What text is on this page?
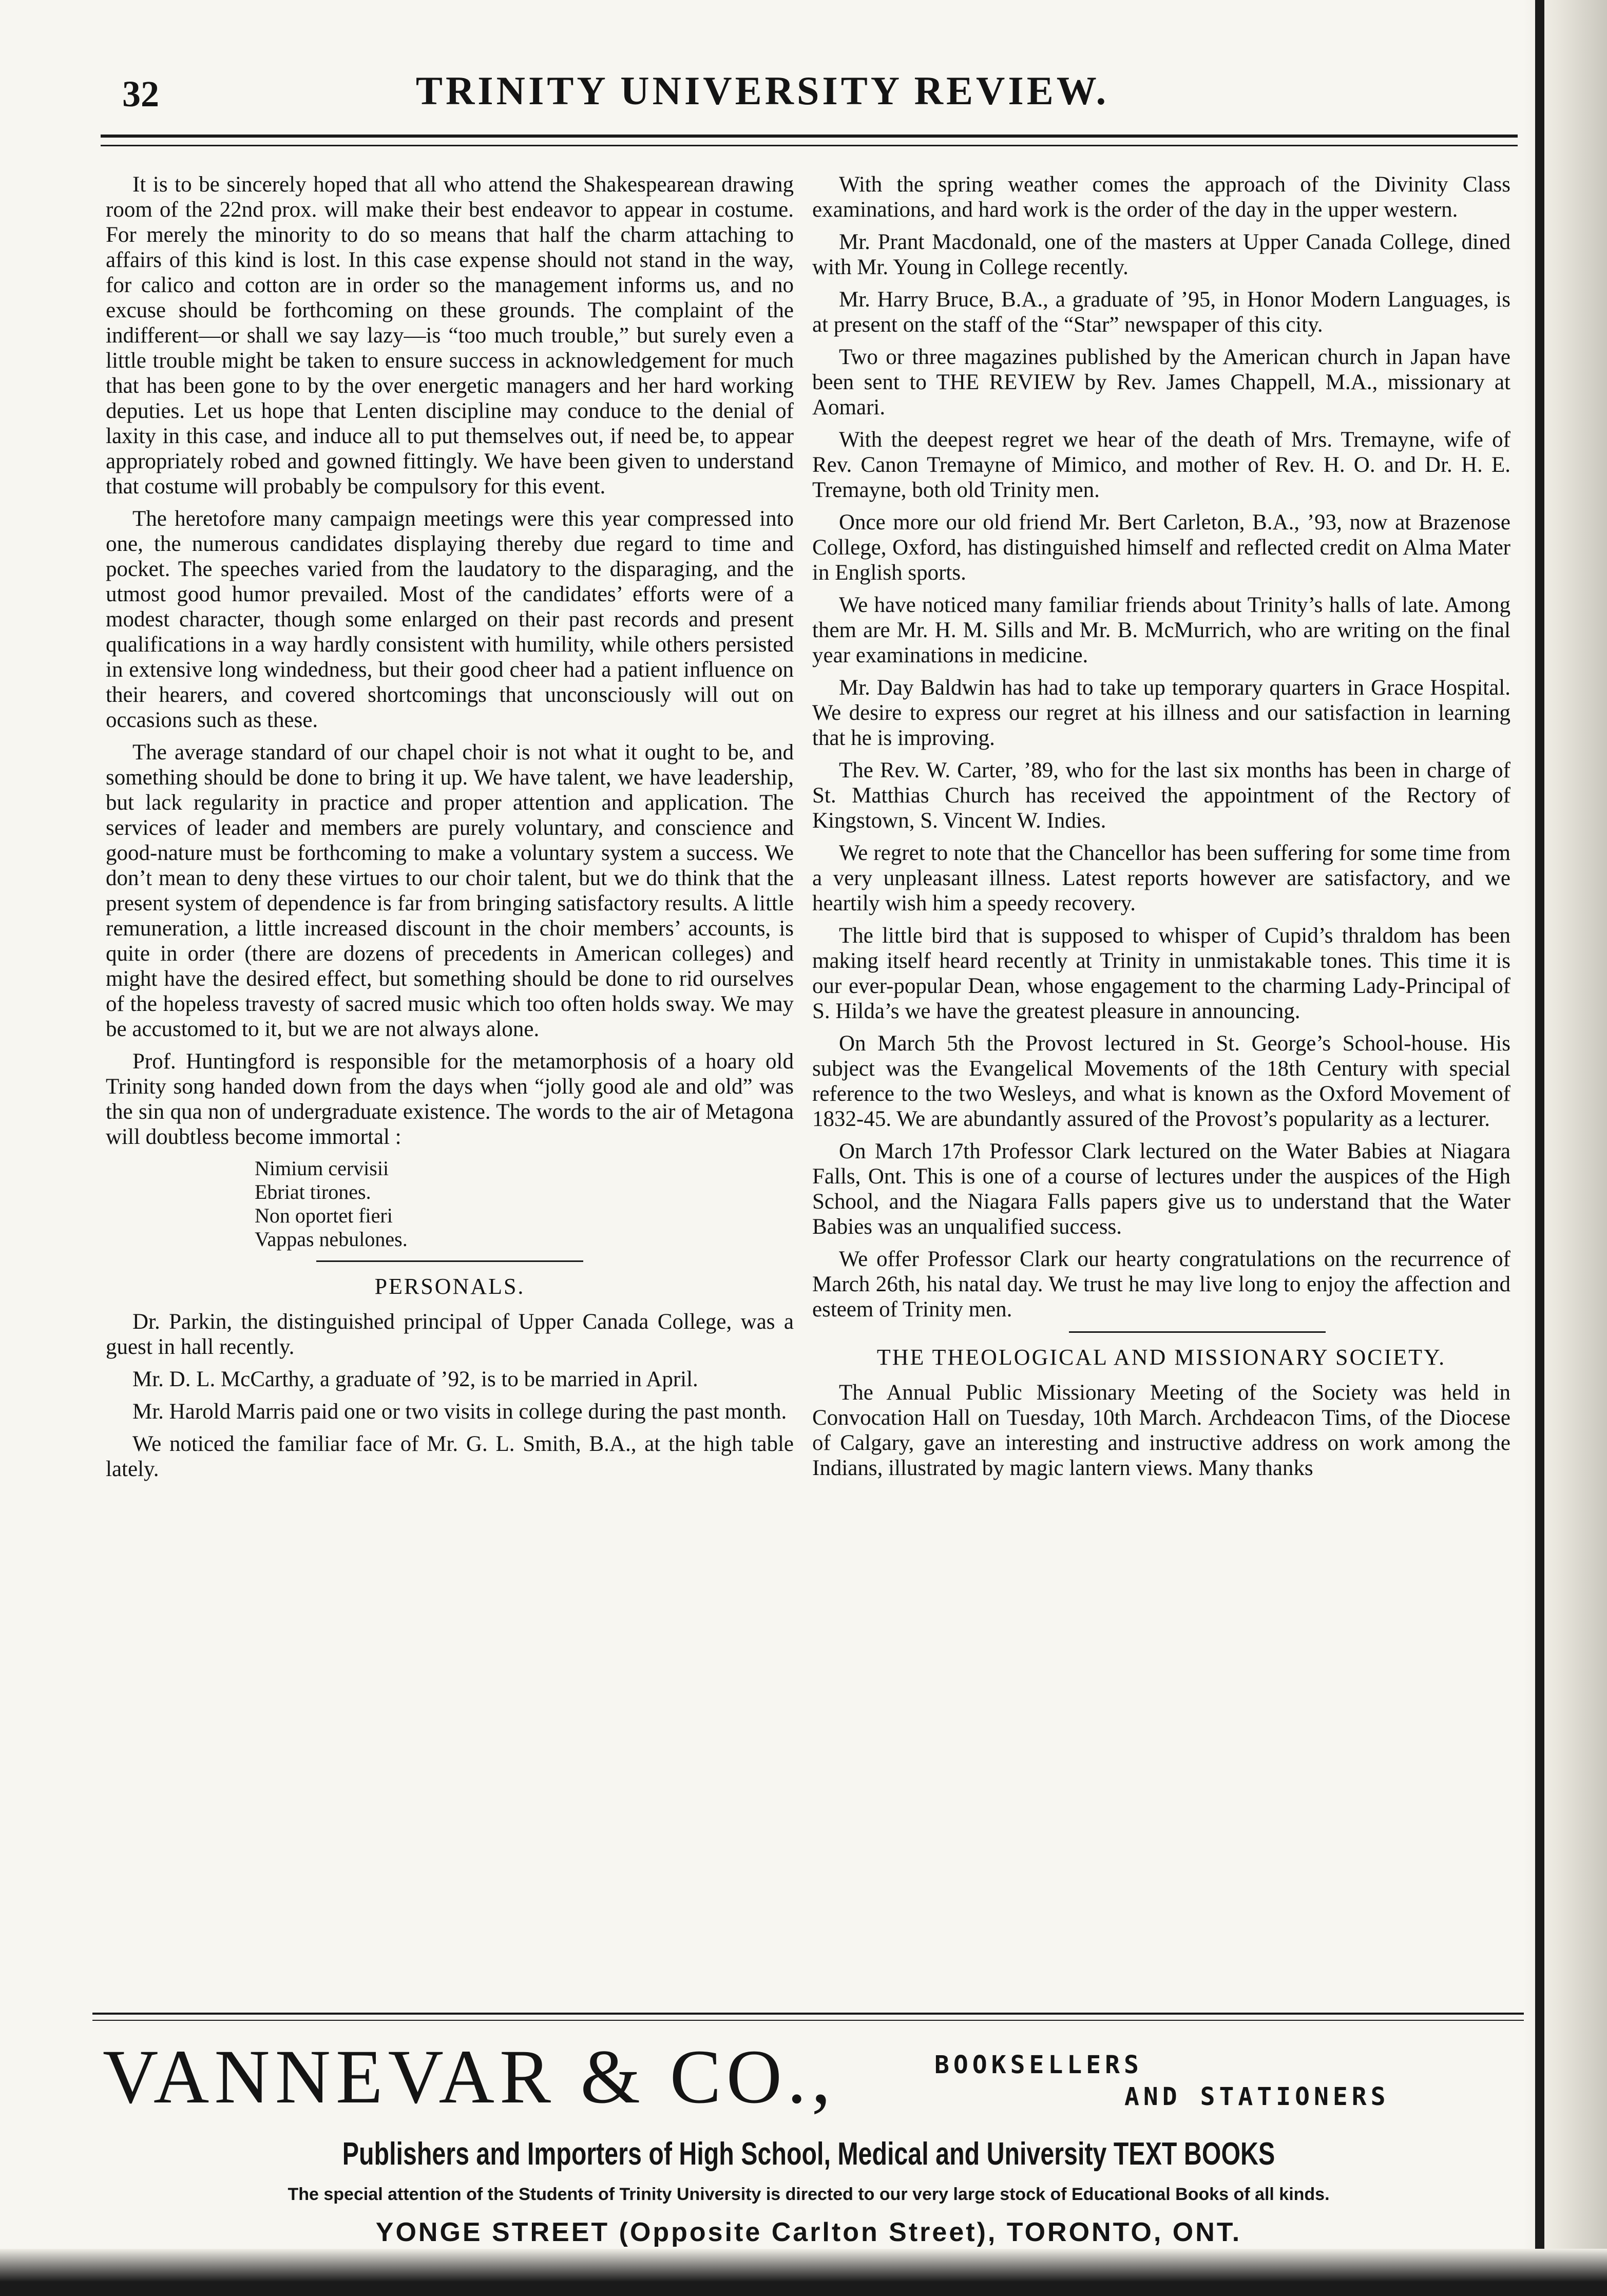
32	TRINITY UNIVERSITY REVIEW.

It is to be sincerely hoped that all who attend the Shakespearean drawing room of the 22nd prox. will make their best endeavor to appear in costume. For merely the minority to do so means that half the charm attaching to affairs of this kind is lost. In this case expense should not stand in the way, for calico and cotton are in order so the management informs us, and no excuse should be forthcoming on these grounds. The complaint of the indifferent—or shall we say lazy—is “too much trouble,” but surely even a little trouble might be taken to ensure success in acknowledgement for much that has been gone to by the over energetic managers and her hard working deputies. Let us hope that Lenten discipline may conduce to the denial of laxity in this case, and induce all to put themselves out, if need be, to appear appropriately robed and gowned fittingly. We have been given to understand that costume will probably be compulsory for this event.

The heretofore many campaign meetings were this year compressed into one, the numerous candidates displaying thereby due regard to time and pocket. The speeches varied from the laudatory to the disparaging, and the utmost good humor prevailed. Most of the candidates’ efforts were of a modest character, though some enlarged on their past records and present qualifications in a way hardly consistent with humility, while others persisted in extensive long windedness, but their good cheer had a patient influence on their hearers, and covered shortcomings that unconsciously will out on occasions such as these.

The average standard of our chapel choir is not what it ought to be, and something should be done to bring it up. We have talent, we have leadership, but lack regularity in practice and proper attention and application. The services of leader and members are purely voluntary, and conscience and good-nature must be forthcoming to make a voluntary system a success. We don’t mean to deny these virtues to our choir talent, but we do think that the present system of dependence is far from bringing satisfactory results. A little remuneration, a little increased discount in the choir members’ accounts, is quite in order (there are dozens of precedents in American colleges) and might have the desired effect, but something should be done to rid ourselves of the hopeless travesty of sacred music which too often holds sway. We may be accustomed to it, but we are not always alone.

Prof. Huntingford is responsible for the metamorphosis of a hoary old Trinity song handed down from the days when “jolly good ale and old” was the sin qua non of undergraduate existence. The words to the air of Metagona will doubtless become immortal :

Nimium cervisii
Ebriat tirones.
Non oportet fieri
Vappas nebulones.
PERSONALS.

Dr. Parkin, the distinguished principal of Upper Canada College, was a guest in hall recently.

Mr. D. L. McCarthy, a graduate of ’92, is to be married in April.

Mr. Harold Marris paid one or two visits in college during the past month.

We noticed the familiar face of Mr. G. L. Smith, B.A., at the high table lately.

With the spring weather comes the approach of the Divinity Class examinations, and hard work is the order of the day in the upper western.

Mr. Prant Macdonald, one of the masters at Upper Canada College, dined with Mr. Young in College recently.

Mr. Harry Bruce, B.A., a graduate of ’95, in Honor Modern Languages, is at present on the staff of the “Star” newspaper of this city.

Two or three magazines published by the American church in Japan have been sent to THE REVIEW by Rev. James Chappell, M.A., missionary at Aomari.

With the deepest regret we hear of the death of Mrs. Tremayne, wife of Rev. Canon Tremayne of Mimico, and mother of Rev. H. O. and Dr. H. E. Tremayne, both old Trinity men.

Once more our old friend Mr. Bert Carleton, B.A., ’93, now at Brazenose College, Oxford, has distinguished himself and reflected credit on Alma Mater in English sports.

We have noticed many familiar friends about Trinity’s halls of late. Among them are Mr. H. M. Sills and Mr. B. McMurrich, who are writing on the final year examinations in medicine.

Mr. Day Baldwin has had to take up temporary quarters in Grace Hospital. We desire to express our regret at his illness and our satisfaction in learning that he is improving.

The Rev. W. Carter, ’89, who for the last six months has been in charge of St. Matthias Church has received the appointment of the Rectory of Kingstown, S. Vincent W. Indies.

We regret to note that the Chancellor has been suffering for some time from a very unpleasant illness. Latest reports however are satisfactory, and we heartily wish him a speedy recovery.

The little bird that is supposed to whisper of Cupid’s thraldom has been making itself heard recently at Trinity in unmistakable tones. This time it is our ever-popular Dean, whose engagement to the charming Lady-Principal of S. Hilda’s we have the greatest pleasure in announcing.

On March 5th the Provost lectured in St. George’s School-house. His subject was the Evangelical Movements of the 18th Century with special reference to the two Wesleys, and what is known as the Oxford Movement of 1832-45. We are abundantly assured of the Provost’s popularity as a lecturer.

On March 17th Professor Clark lectured on the Water Babies at Niagara Falls, Ont. This is one of a course of lectures under the auspices of the High School, and the Niagara Falls papers give us to understand that the Water Babies was an unqualified success.

We offer Professor Clark our hearty congratulations on the recurrence of March 26th, his natal day. We trust he may live long to enjoy the affection and esteem of Trinity men.

THE THEOLOGICAL AND MISSIONARY SOCIETY.

The Annual Public Missionary Meeting of the Society was held in Convocation Hall on Tuesday, 10th March. Archdeacon Tims, of the Diocese of Calgary, gave an interesting and instructive address on work among the Indians, illustrated by magic lantern views. Many thanks

VANNEVAR & CO.,	BOOKSELLERS
AND STATIONERS
Publishers and Importers of High School, Medical and University TEXT BOOKS
The special attention of the Students of Trinity University is directed to our very large stock of Educational Books of all kinds.
YONGE STREET (Opposite Carlton Street), TORONTO, ONT.
